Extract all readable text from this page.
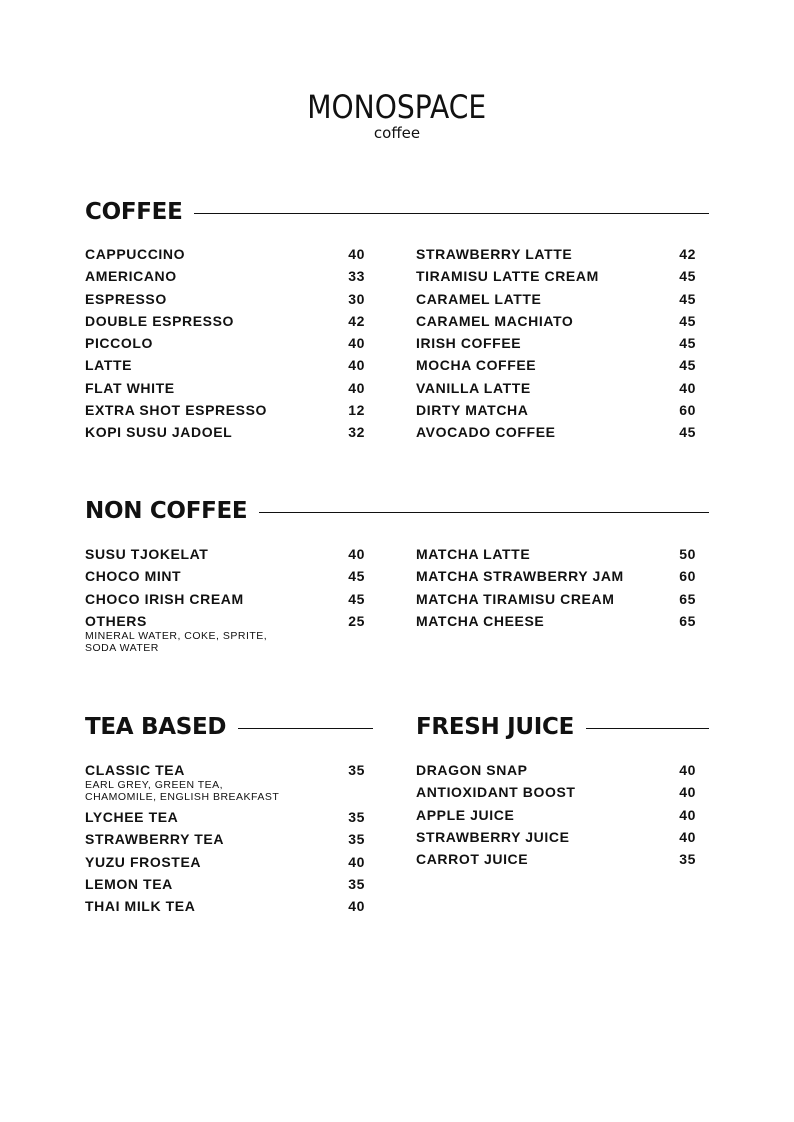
MONOSPACE
coffee
COFFEE
CAPPUCCINO	40
AMERICANO	33
ESPRESSO	30
DOUBLE ESPRESSO	42
PICCOLO	40
LATTE	40
FLAT WHITE	40
EXTRA SHOT ESPRESSO	12
KOPI SUSU JADOEL	32
STRAWBERRY LATTE	42
TIRAMISU LATTE CREAM	45
CARAMEL LATTE	45
CARAMEL MACHIATO	45
IRISH COFFEE	45
MOCHA COFFEE	45
VANILLA LATTE	40
DIRTY MATCHA	60
AVOCADO COFFEE	45
NON COFFEE
SUSU TJOKELAT	40
CHOCO MINT	45
CHOCO IRISH CREAM	45
OTHERS	25
MINERAL WATER, COKE, SPRITE, SODA WATER
MATCHA LATTE	50
MATCHA STRAWBERRY JAM	60
MATCHA TIRAMISU CREAM	65
MATCHA CHEESE	65
TEA BASED
CLASSIC TEA	35
EARL GREY, GREEN TEA, CHAMOMILE, ENGLISH BREAKFAST
LYCHEE TEA	35
STRAWBERRY TEA	35
YUZU FROSTEA	40
LEMON TEA	35
THAI MILK TEA	40
FRESH JUICE
DRAGON SNAP	40
ANTIOXIDANT BOOST	40
APPLE JUICE	40
STRAWBERRY JUICE	40
CARROT JUICE	35
